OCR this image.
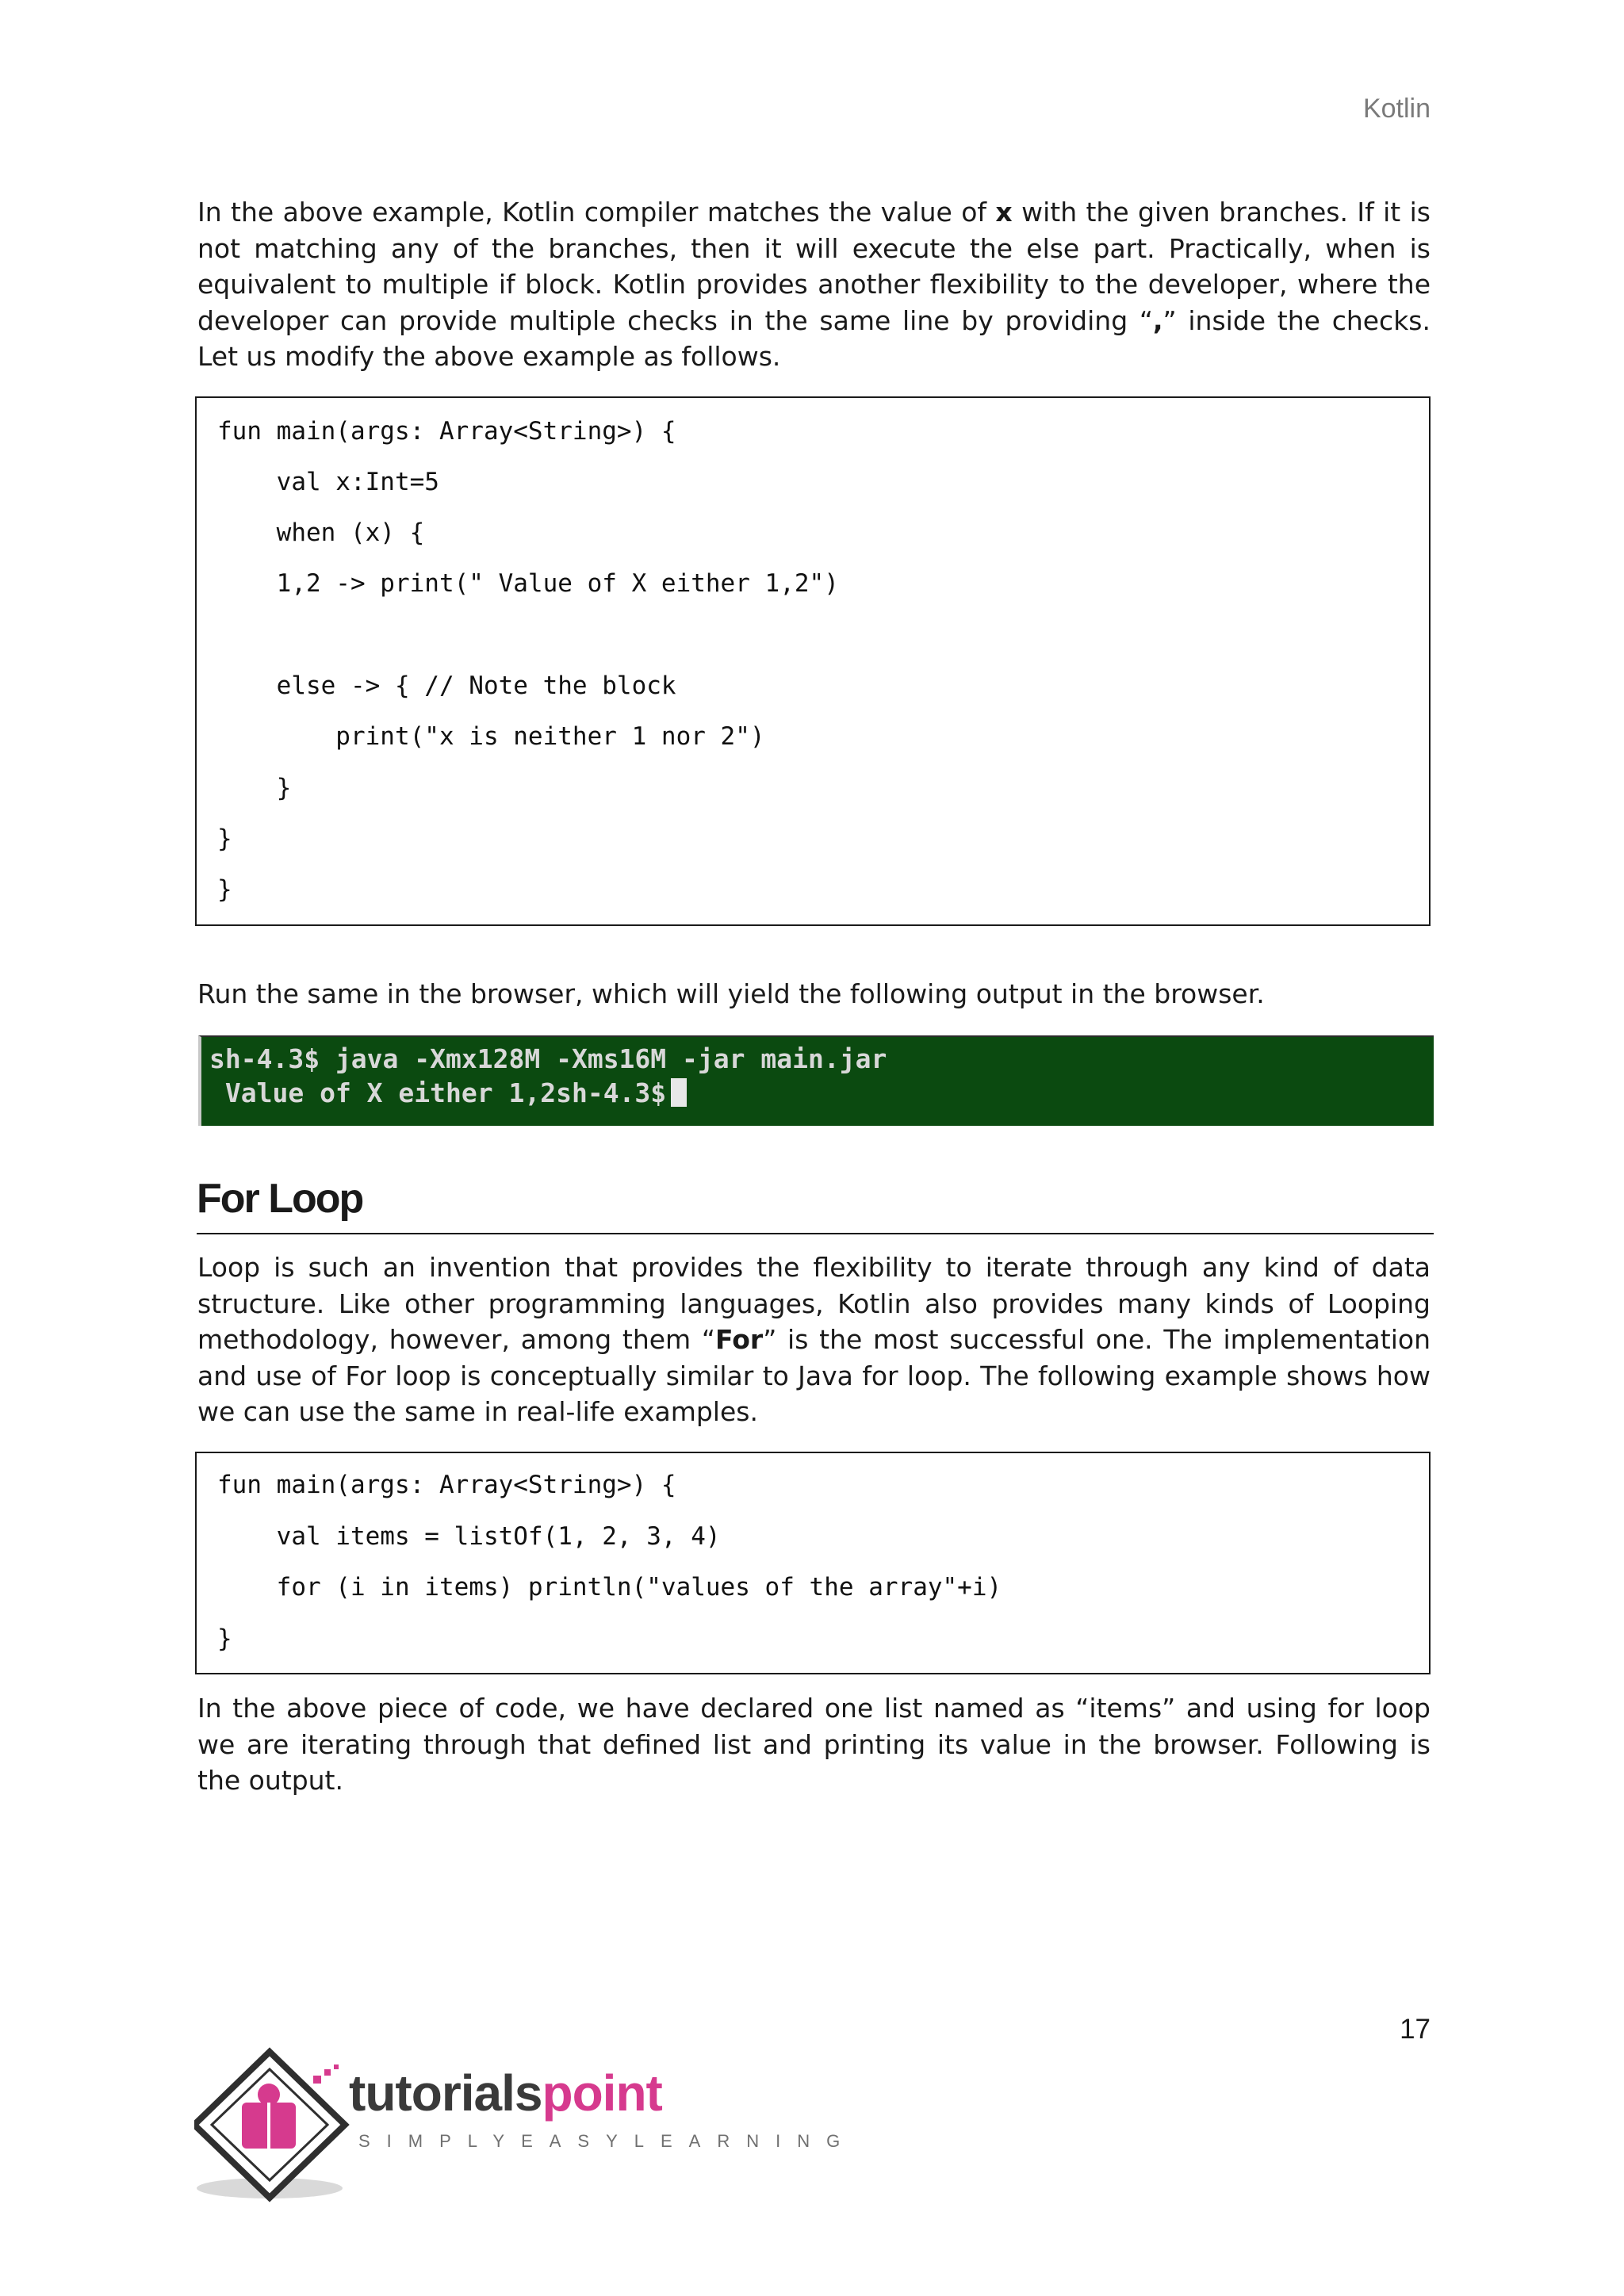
Kotlin

In the above example, Kotlin compiler matches the value of x with the given branches. If it is not matching any of the branches, then it will execute the else part. Practically, when is equivalent to multiple if block. Kotlin provides another flexibility to the developer, where the developer can provide multiple checks in the same line by providing “,” inside the checks. Let us modify the above example as follows.

fun main(args: Array<String>) {
val x:Int=5
when (x) {
1,2 -> print(" Value of X either 1,2")
else -> { // Note the block
print("x is neither 1 nor 2")
}
}
}

Run the same in the browser, which will yield the following output in the browser.

sh-4.3$ java -Xmx128M -Xms16M -jar main.jar
Value of X either 1,2sh-4.3$
For Loop

Loop is such an invention that provides the flexibility to iterate through any kind of data structure. Like other programming languages, Kotlin also provides many kinds of Looping methodology, however, among them “For” is the most successful one. The implementation and use of For loop is conceptually similar to Java for loop. The following example shows how we can use the same in real-life examples.

fun main(args: Array<String>) {
val items = listOf(1, 2, 3, 4)
for (i in items) println("values of the array"+i)
}

In the above piece of code, we have declared one list named as “items” and using for loop we are iterating through that defined list and printing its value in the browser. Following is the output.

17
tutorialspoint
SIMPLYEASYLEARNING
